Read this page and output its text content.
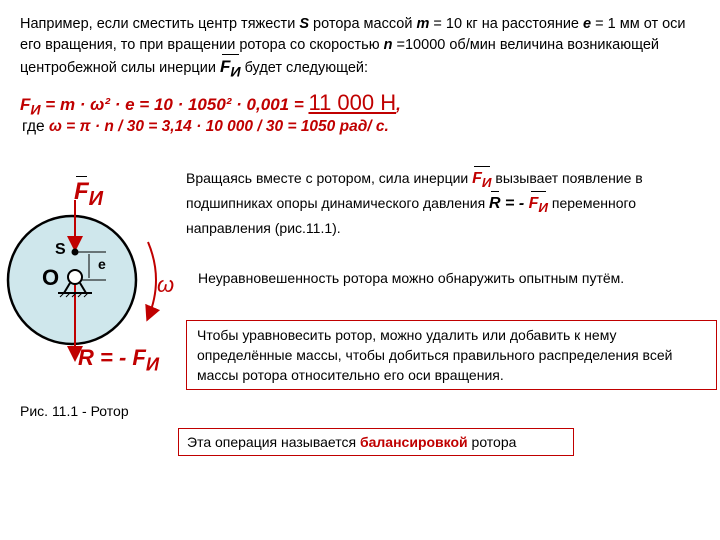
Например, если сместить центр тяжести S ротора массой m = 10 кг на расстояние е = 1 мм от оси его вращения, то при вращении ротора со скоростью n =10000 об/мин величина возникающей центробежной силы инерции $F_И$ будет следующей:
$F_И = m \cdot \omega^2 \cdot e = 10 \cdot 1050^2 \cdot 0,001 = 11$ 000 Н,
где ω = π · n / 30 = 3,14 · 10 000 / 30 = 1050 рад/ с.
$F_И$
S
O
e
ω
R = - $F_И$
Вращаясь вместе с ротором, сила инерции $F_И$ вызывает появление в подшипниках опоры динамического давления R = - $F_И$ переменного направления (рис.11.1).
Неуравновешенность ротора можно обнаружить опытным путём.
Чтобы уравновесить ротор, можно удалить или добавить к нему определённые массы, чтобы добиться правильного распределения всей массы ротора относительно его оси вращения.
Рис. 11.1 - Ротор
Эта операция называется балансировкой ротора
